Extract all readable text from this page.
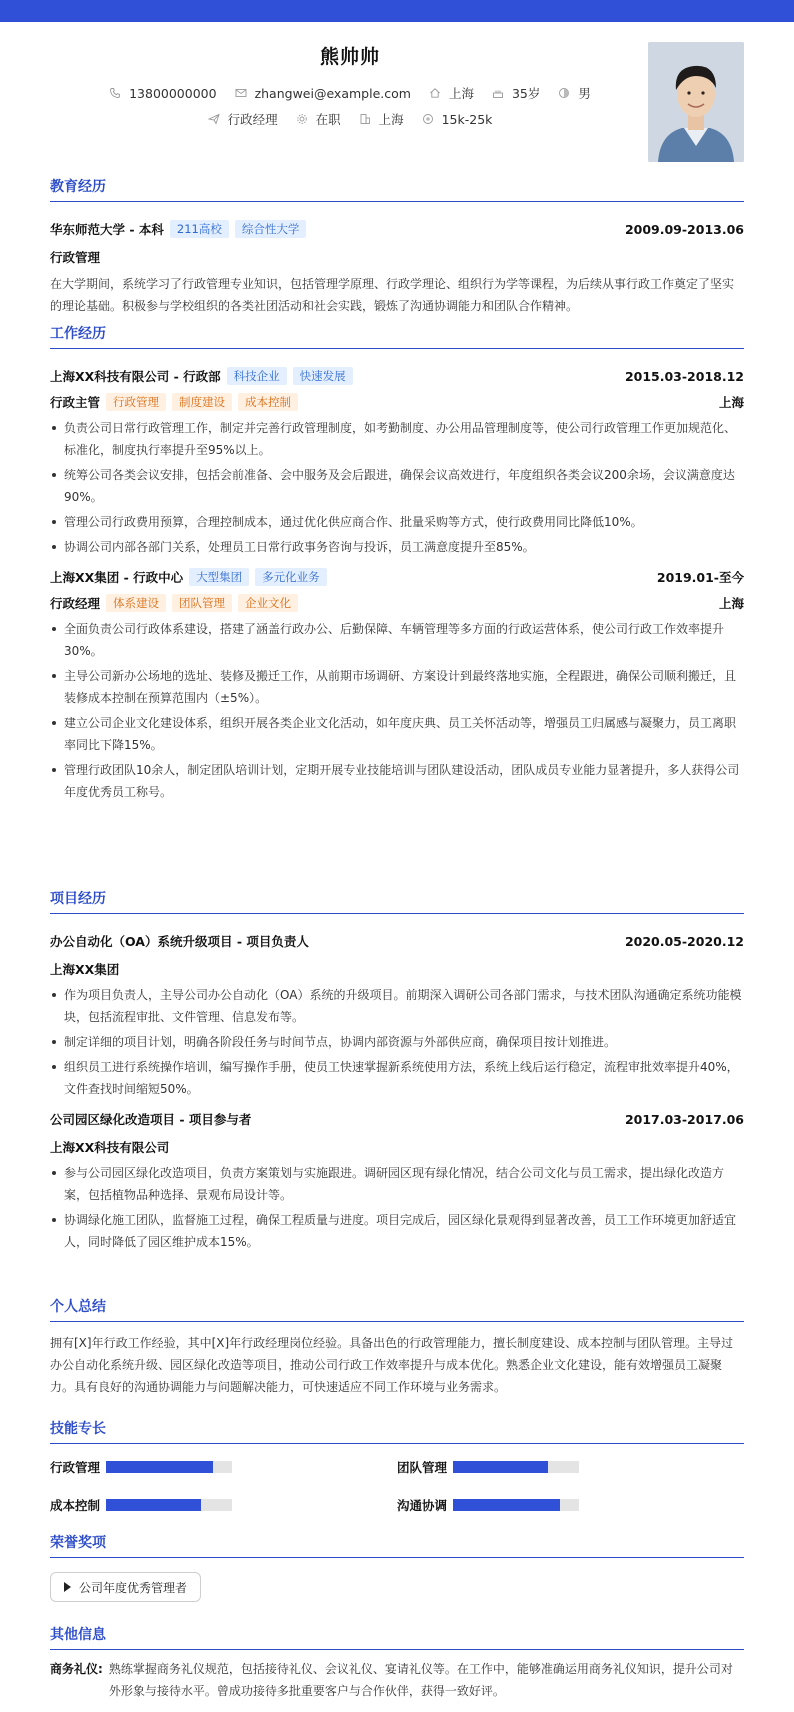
熊帅帅
13800000000	zhangwei@example.com	上海	35岁	男
行政经理	在职	上海	15k-25k
教育经历
华东师范大学 - 本科	211高校	综合性大学	2009.09-2013.06
行政管理
在大学期间，系统学习了行政管理专业知识，包括管理学原理、行政学理论、组织行为学等课程，为后续从事行政工作奠定了坚实的理论基础。积极参与学校组织的各类社团活动和社会实践，锻炼了沟通协调能力和团队合作精神。
工作经历
上海XX科技有限公司 - 行政部	科技企业	快速发展	2015.03-2018.12
行政主管	行政管理	制度建设	成本控制	上海
负责公司日常行政管理工作，制定并完善行政管理制度，如考勤制度、办公用品管理制度等，使公司行政管理工作更加规范化、标准化，制度执行率提升至95%以上。
统筹公司各类会议安排，包括会前准备、会中服务及会后跟进，确保会议高效进行，年度组织各类会议200余场，会议满意度达90%。
管理公司行政费用预算，合理控制成本，通过优化供应商合作、批量采购等方式，使行政费用同比降低10%。
协调公司内部各部门关系，处理员工日常行政事务咨询与投诉，员工满意度提升至85%。
上海XX集团 - 行政中心	大型集团	多元化业务	2019.01-至今
行政经理	体系建设	团队管理	企业文化	上海
全面负责公司行政体系建设，搭建了涵盖行政办公、后勤保障、车辆管理等多方面的行政运营体系，使公司行政工作效率提升30%。
主导公司新办公场地的选址、装修及搬迁工作，从前期市场调研、方案设计到最终落地实施，全程跟进，确保公司顺利搬迁，且装修成本控制在预算范围内（±5%）。
建立公司企业文化建设体系，组织开展各类企业文化活动，如年度庆典、员工关怀活动等，增强员工归属感与凝聚力，员工离职率同比下降15%。
管理行政团队10余人，制定团队培训计划，定期开展专业技能培训与团队建设活动，团队成员专业能力显著提升，多人获得公司年度优秀员工称号。
项目经历
办公自动化（OA）系统升级项目 - 项目负责人	2020.05-2020.12
上海XX集团
作为项目负责人，主导公司办公自动化（OA）系统的升级项目。前期深入调研公司各部门需求，与技术团队沟通确定系统功能模块，包括流程审批、文件管理、信息发布等。
制定详细的项目计划，明确各阶段任务与时间节点，协调内部资源与外部供应商，确保项目按计划推进。
组织员工进行系统操作培训，编写操作手册，使员工快速掌握新系统使用方法，系统上线后运行稳定，流程审批效率提升40%，文件查找时间缩短50%。
公司园区绿化改造项目 - 项目参与者	2017.03-2017.06
上海XX科技有限公司
参与公司园区绿化改造项目，负责方案策划与实施跟进。调研园区现有绿化情况，结合公司文化与员工需求，提出绿化改造方案，包括植物品种选择、景观布局设计等。
协调绿化施工团队，监督施工过程，确保工程质量与进度。项目完成后，园区绿化景观得到显著改善，员工工作环境更加舒适宜人，同时降低了园区维护成本15%。
个人总结
拥有[X]年行政工作经验，其中[X]年行政经理岗位经验。具备出色的行政管理能力，擅长制度建设、成本控制与团队管理。主导过办公自动化系统升级、园区绿化改造等项目，推动公司行政工作效率提升与成本优化。熟悉企业文化建设，能有效增强员工凝聚力。具有良好的沟通协调能力与问题解决能力，可快速适应不同工作环境与业务需求。
技能专长
行政管理	团队管理
成本控制	沟通协调
荣誉奖项
公司年度优秀管理者
其他信息
商务礼仪: 熟练掌握商务礼仪规范，包括接待礼仪、会议礼仪、宴请礼仪等。在工作中，能够准确运用商务礼仪知识，提升公司对外形象与接待水平。曾成功接待多批重要客户与合作伙伴，获得一致好评。
